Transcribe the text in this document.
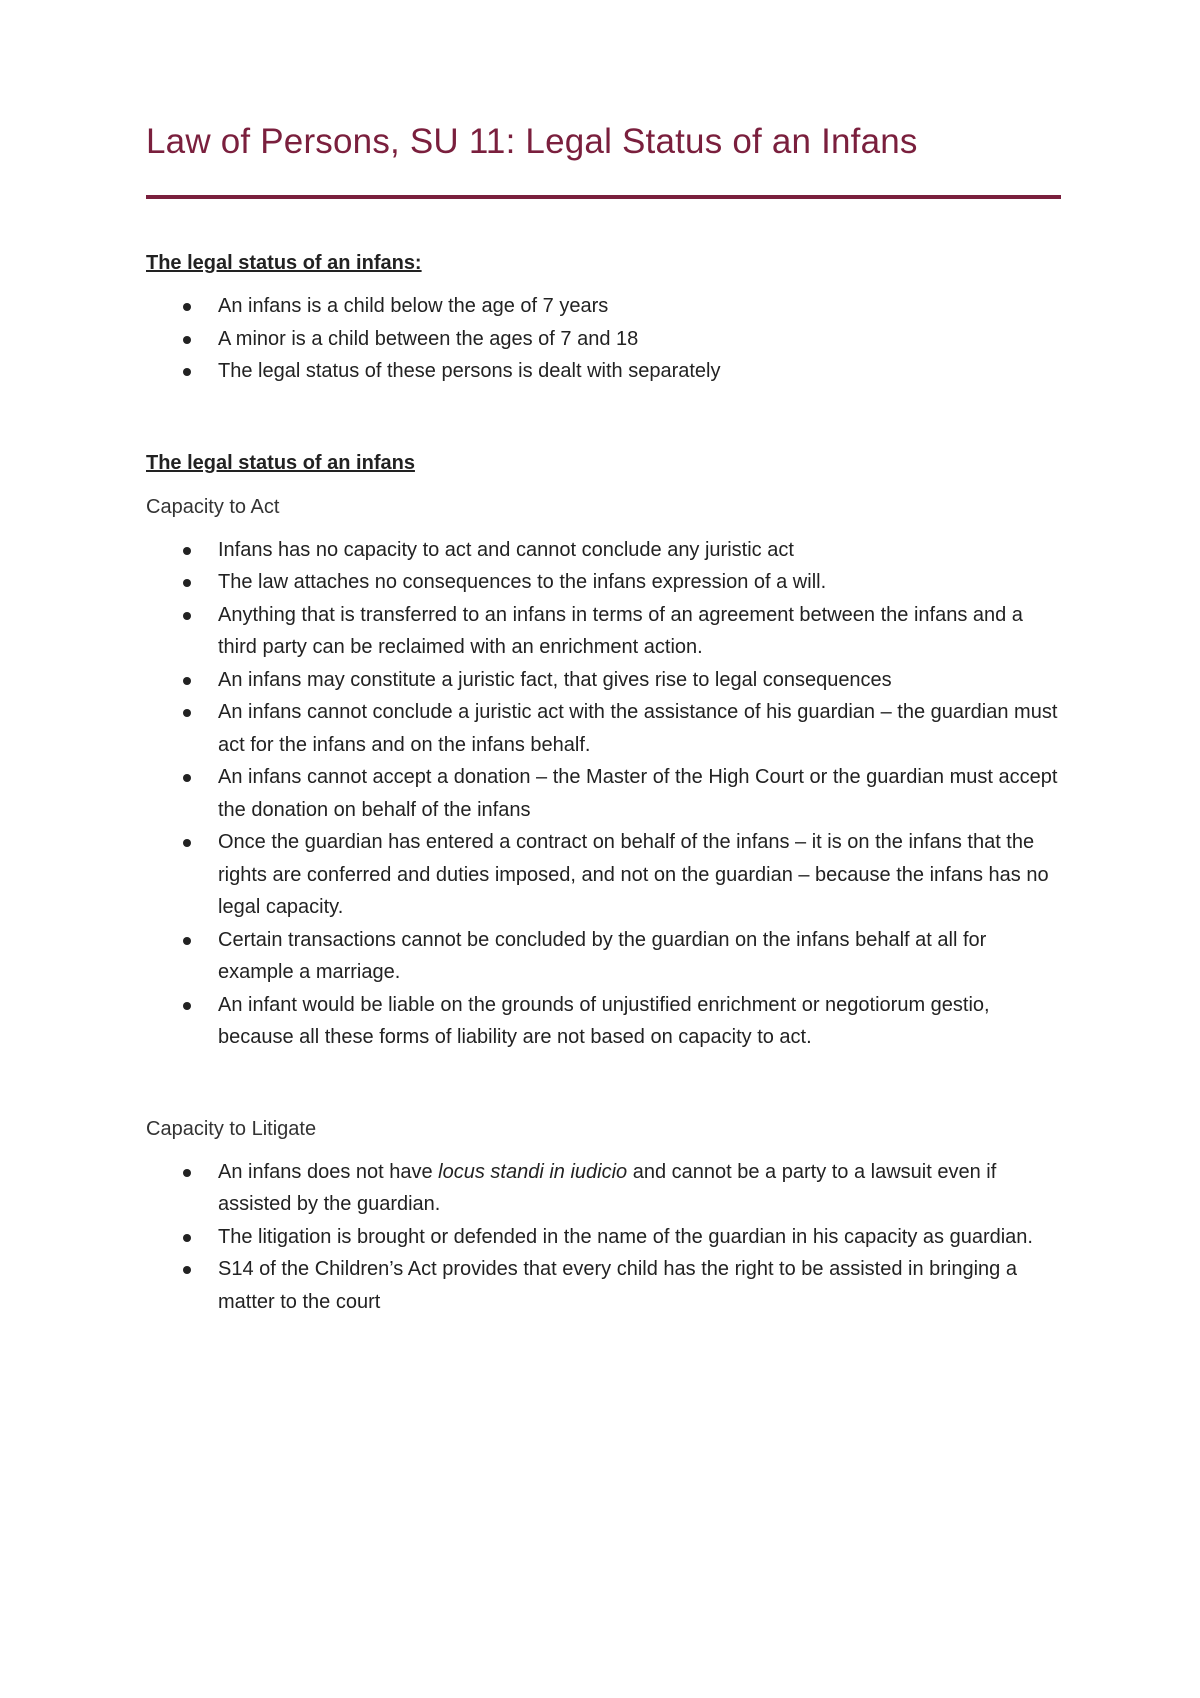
Law of Persons, SU 11: Legal Status of an Infans

The legal status of an infans:

An infans is a child below the age of 7 years
A minor is a child between the ages of 7 and 18
The legal status of these persons is dealt with separately

The legal status of an infans

Capacity to Act

Infans has no capacity to act and cannot conclude any juristic act
The law attaches no consequences to the infans expression of a will.
Anything that is transferred to an infans in terms of an agreement between the infans and a third party can be reclaimed with an enrichment action.
An infans may constitute a juristic fact, that gives rise to legal consequences
An infans cannot conclude a juristic act with the assistance of his guardian – the guardian must act for the infans and on the infans behalf.
An infans cannot accept a donation – the Master of the High Court or the guardian must accept the donation on behalf of the infans
Once the guardian has entered a contract on behalf of the infans – it is on the infans that the rights are conferred and duties imposed, and not on the guardian – because the infans has no legal capacity.
Certain transactions cannot be concluded by the guardian on the infans behalf at all for example a marriage.
An infant would be liable on the grounds of unjustified enrichment or negotiorum gestio, because all these forms of liability are not based on capacity to act.

Capacity to Litigate

An infans does not have locus standi in iudicio and cannot be a party to a lawsuit even if assisted by the guardian.
The litigation is brought or defended in the name of the guardian in his capacity as guardian.
S14 of the Children’s Act provides that every child has the right to be assisted in bringing a matter to the court
